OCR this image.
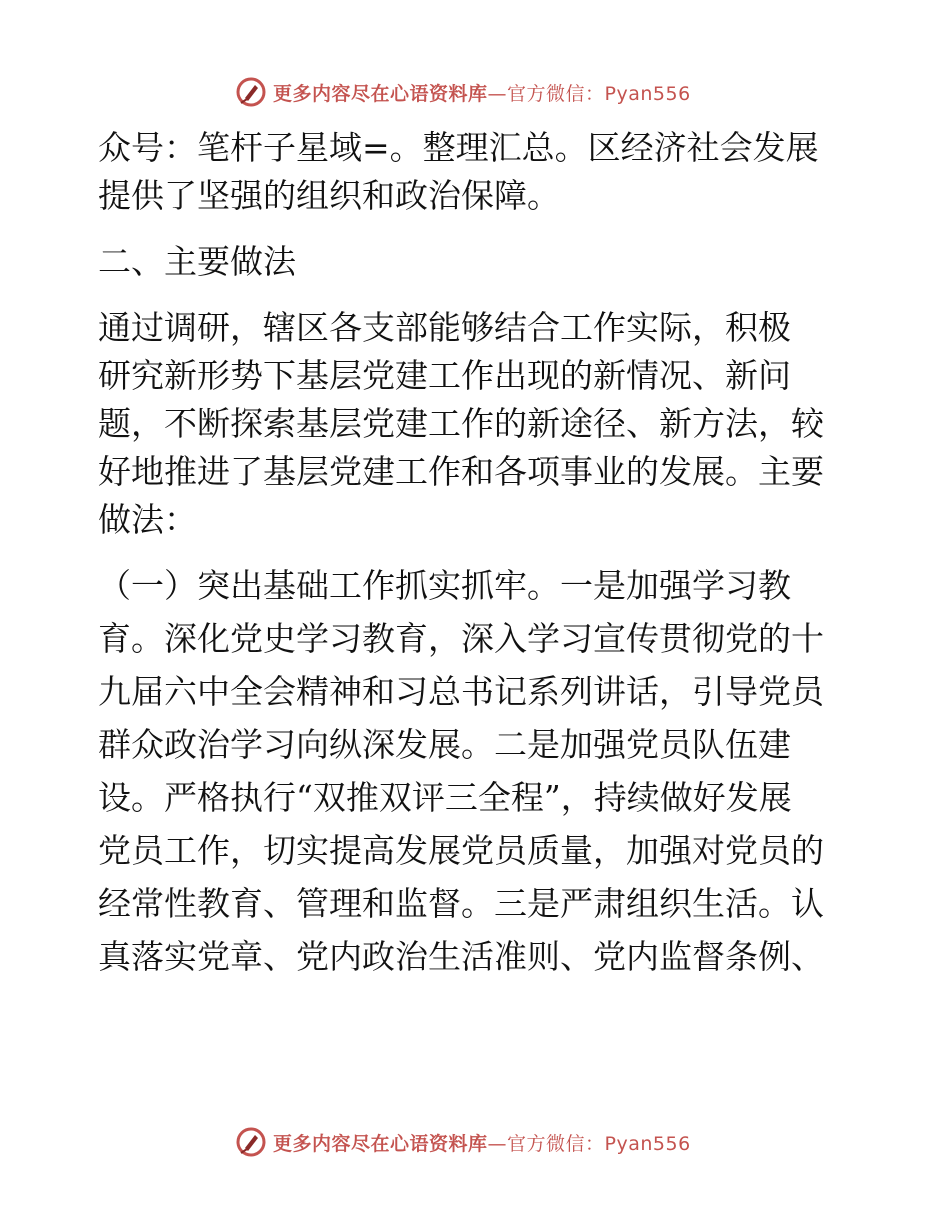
更多内容尽在心语资料库—官方微信：Pyan556
众号：笔杆子星域=。整理汇总。区经济社会发展
提供了坚强的组织和政治保障。
二、主要做法
通过调研，辖区各支部能够结合工作实际，积极
研究新形势下基层党建工作出现的新情况、新问
题，不断探索基层党建工作的新途径、新方法，较
好地推进了基层党建工作和各项事业的发展。主要
做法：
（一）突出基础工作抓实抓牢。一是加强学习教
育。深化党史学习教育，深入学习宣传贯彻党的十
九届六中全会精神和习总书记系列讲话，引导党员
群众政治学习向纵深发展。二是加强党员队伍建
设。严格执行“双推双评三全程”，持续做好发展
党员工作，切实提高发展党员质量，加强对党员的
经常性教育、管理和监督。三是严肃组织生活。认
真落实党章、党内政治生活准则、党内监督条例、
更多内容尽在心语资料库—官方微信：Pyan556
